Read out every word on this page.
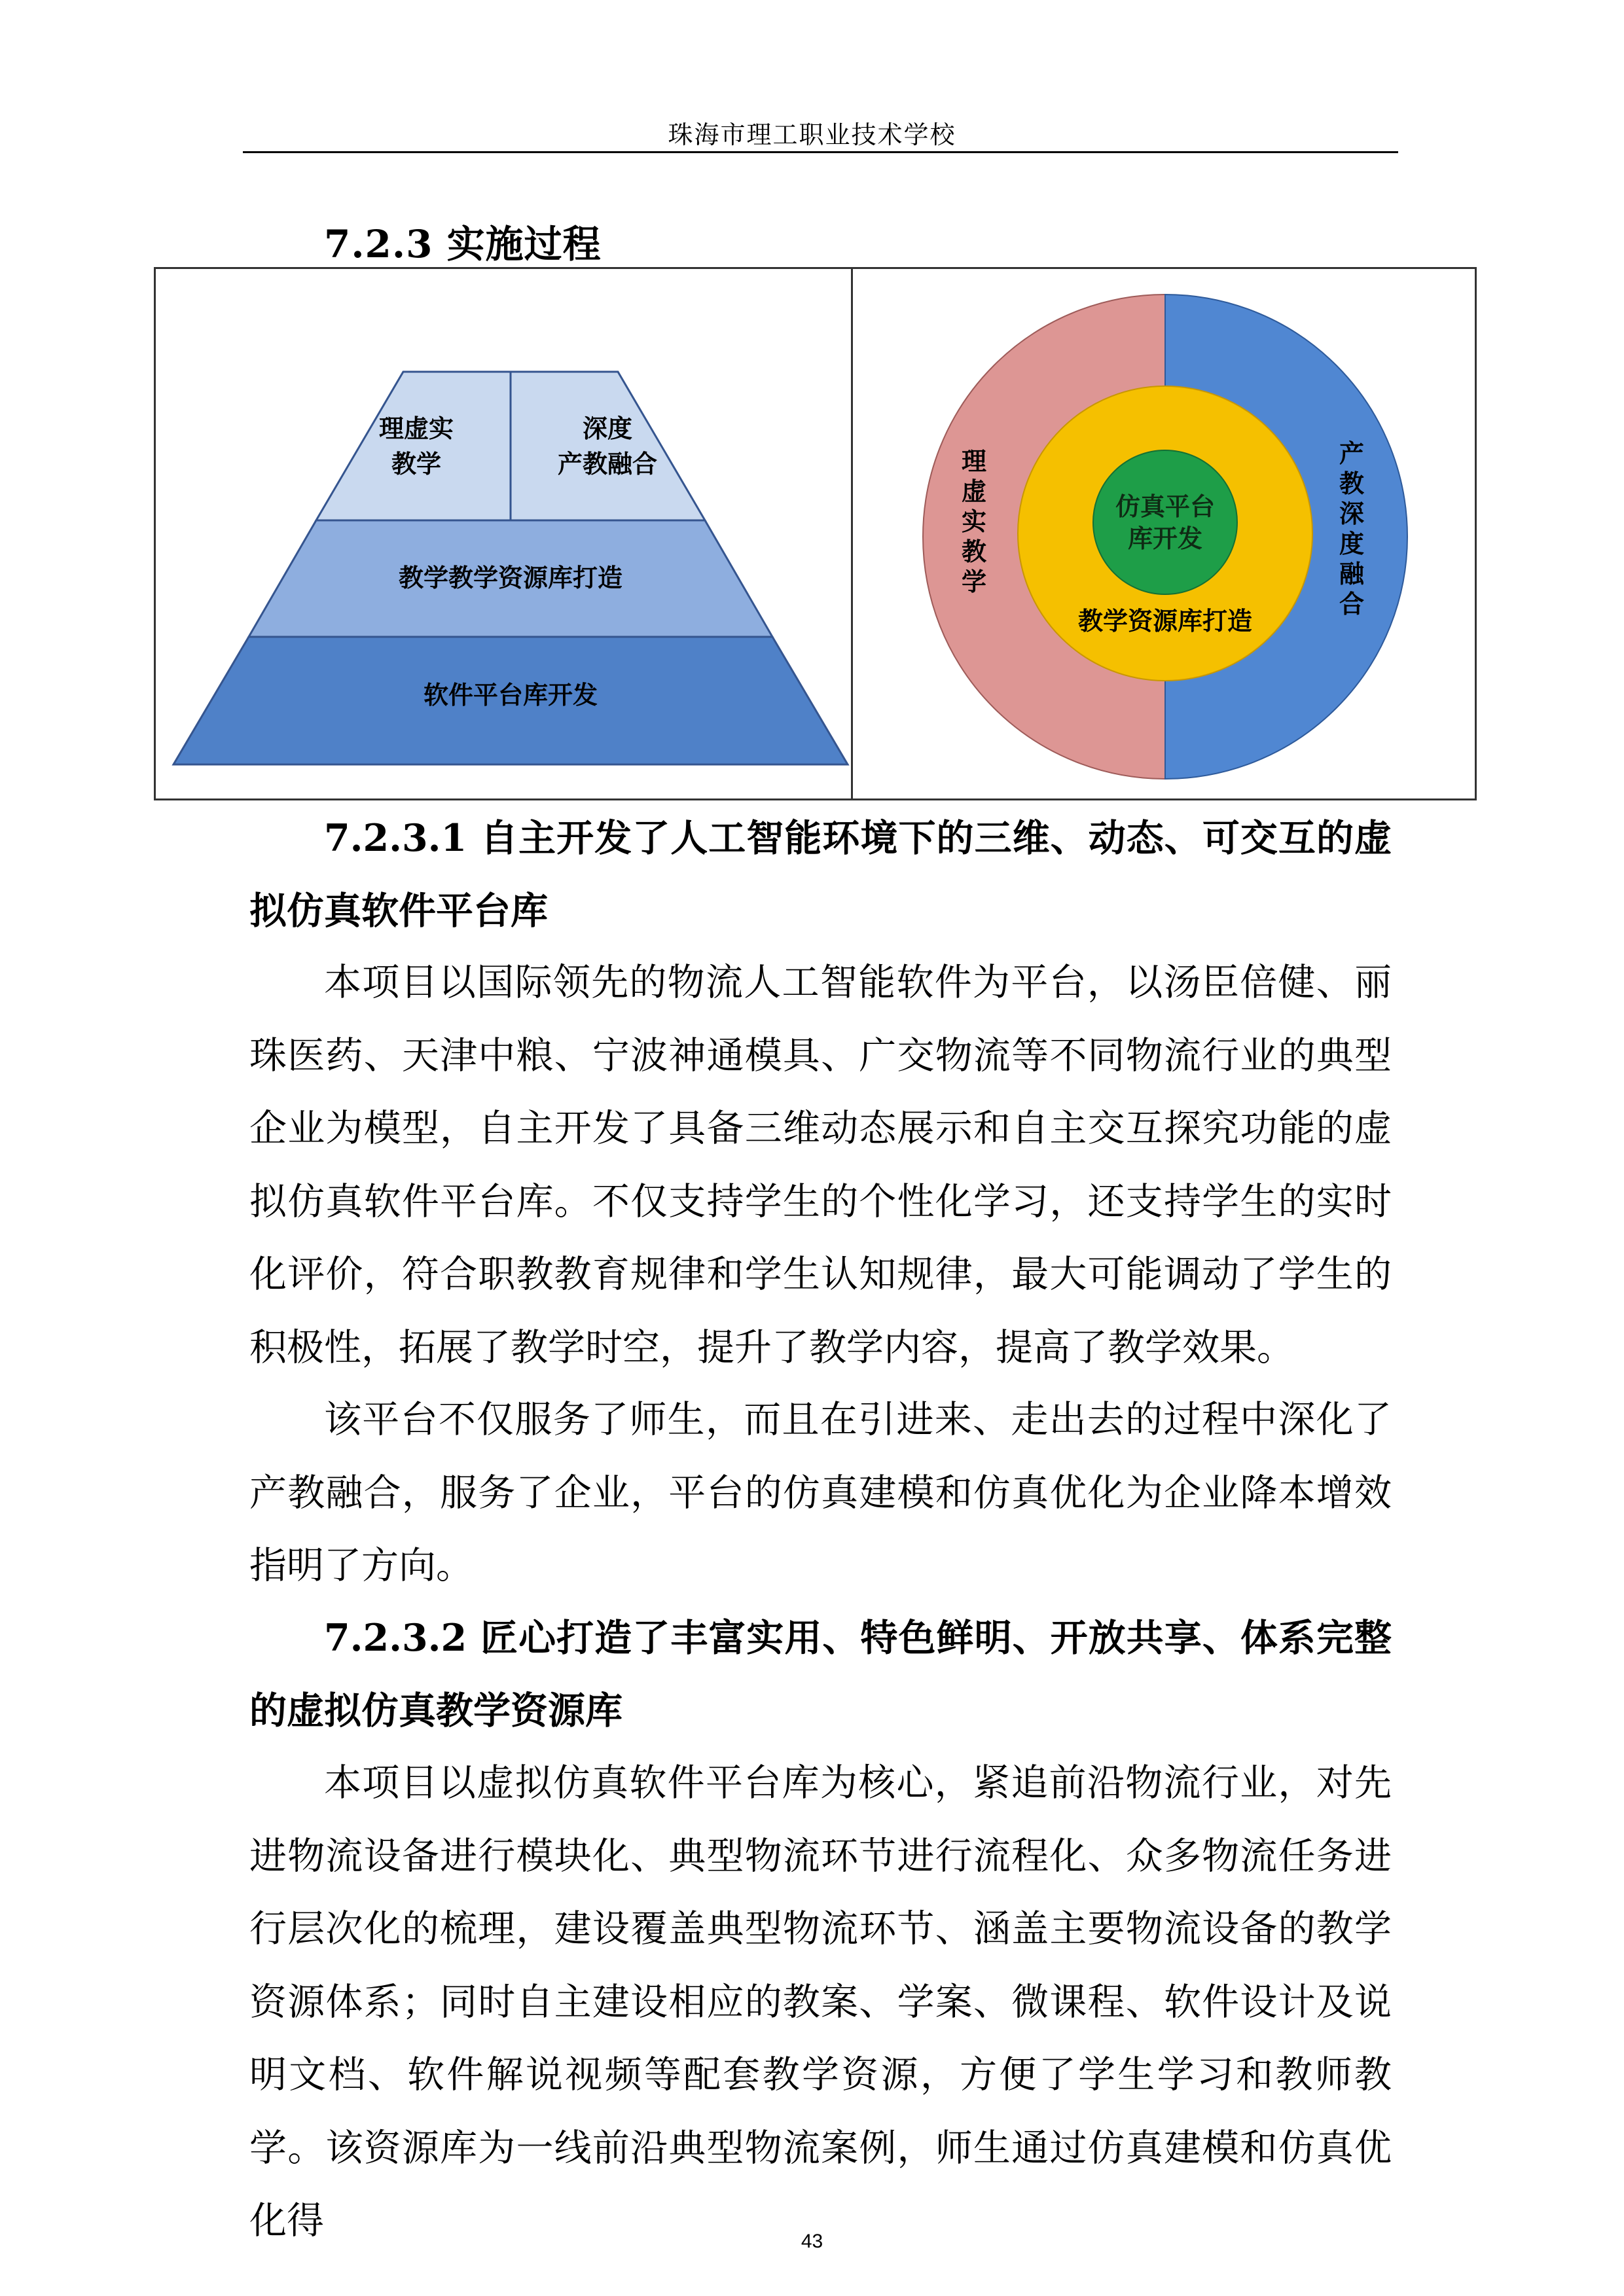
珠海市理工职业技术学校
7.2.3 实施过程
理虚实
教学
深度
产教融合
教学教学资源库打造
软件平台库开发
理
虚
实
教
学
产
教
深
度
融
合
仿真平台
库开发
教学资源库打造

7.2.3.1 自主开发了人工智能环境下的三维、动态、可交互的虚拟仿真软件平台库

本项目以国际领先的物流人工智能软件为平台，以汤臣倍健、丽珠医药、天津中粮、宁波神通模具、广交物流等不同物流行业的典型企业为模型，自主开发了具备三维动态展示和自主交互探究功能的虚拟仿真软件平台库。不仅支持学生的个性化学习，还支持学生的实时化评价，符合职教教育规律和学生认知规律，最大可能调动了学生的积极性，拓展了教学时空，提升了教学内容，提高了教学效果。

该平台不仅服务了师生，而且在引进来、走出去的过程中深化了产教融合，服务了企业，平台的仿真建模和仿真优化为企业降本增效指明了方向。

7.2.3.2 匠心打造了丰富实用、特色鲜明、开放共享、体系完整的虚拟仿真教学资源库

本项目以虚拟仿真软件平台库为核心，紧追前沿物流行业，对先进物流设备进行模块化、典型物流环节进行流程化、众多物流任务进行层次化的梳理，建设覆盖典型物流环节、涵盖主要物流设备的教学资源体系；同时自主建设相应的教案、学案、微课程、软件设计及说明文档、软件解说视频等配套教学资源，方便了学生学习和教师教学。该资源库为一线前沿典型物流案例，师生通过仿真建模和仿真优化得	43
